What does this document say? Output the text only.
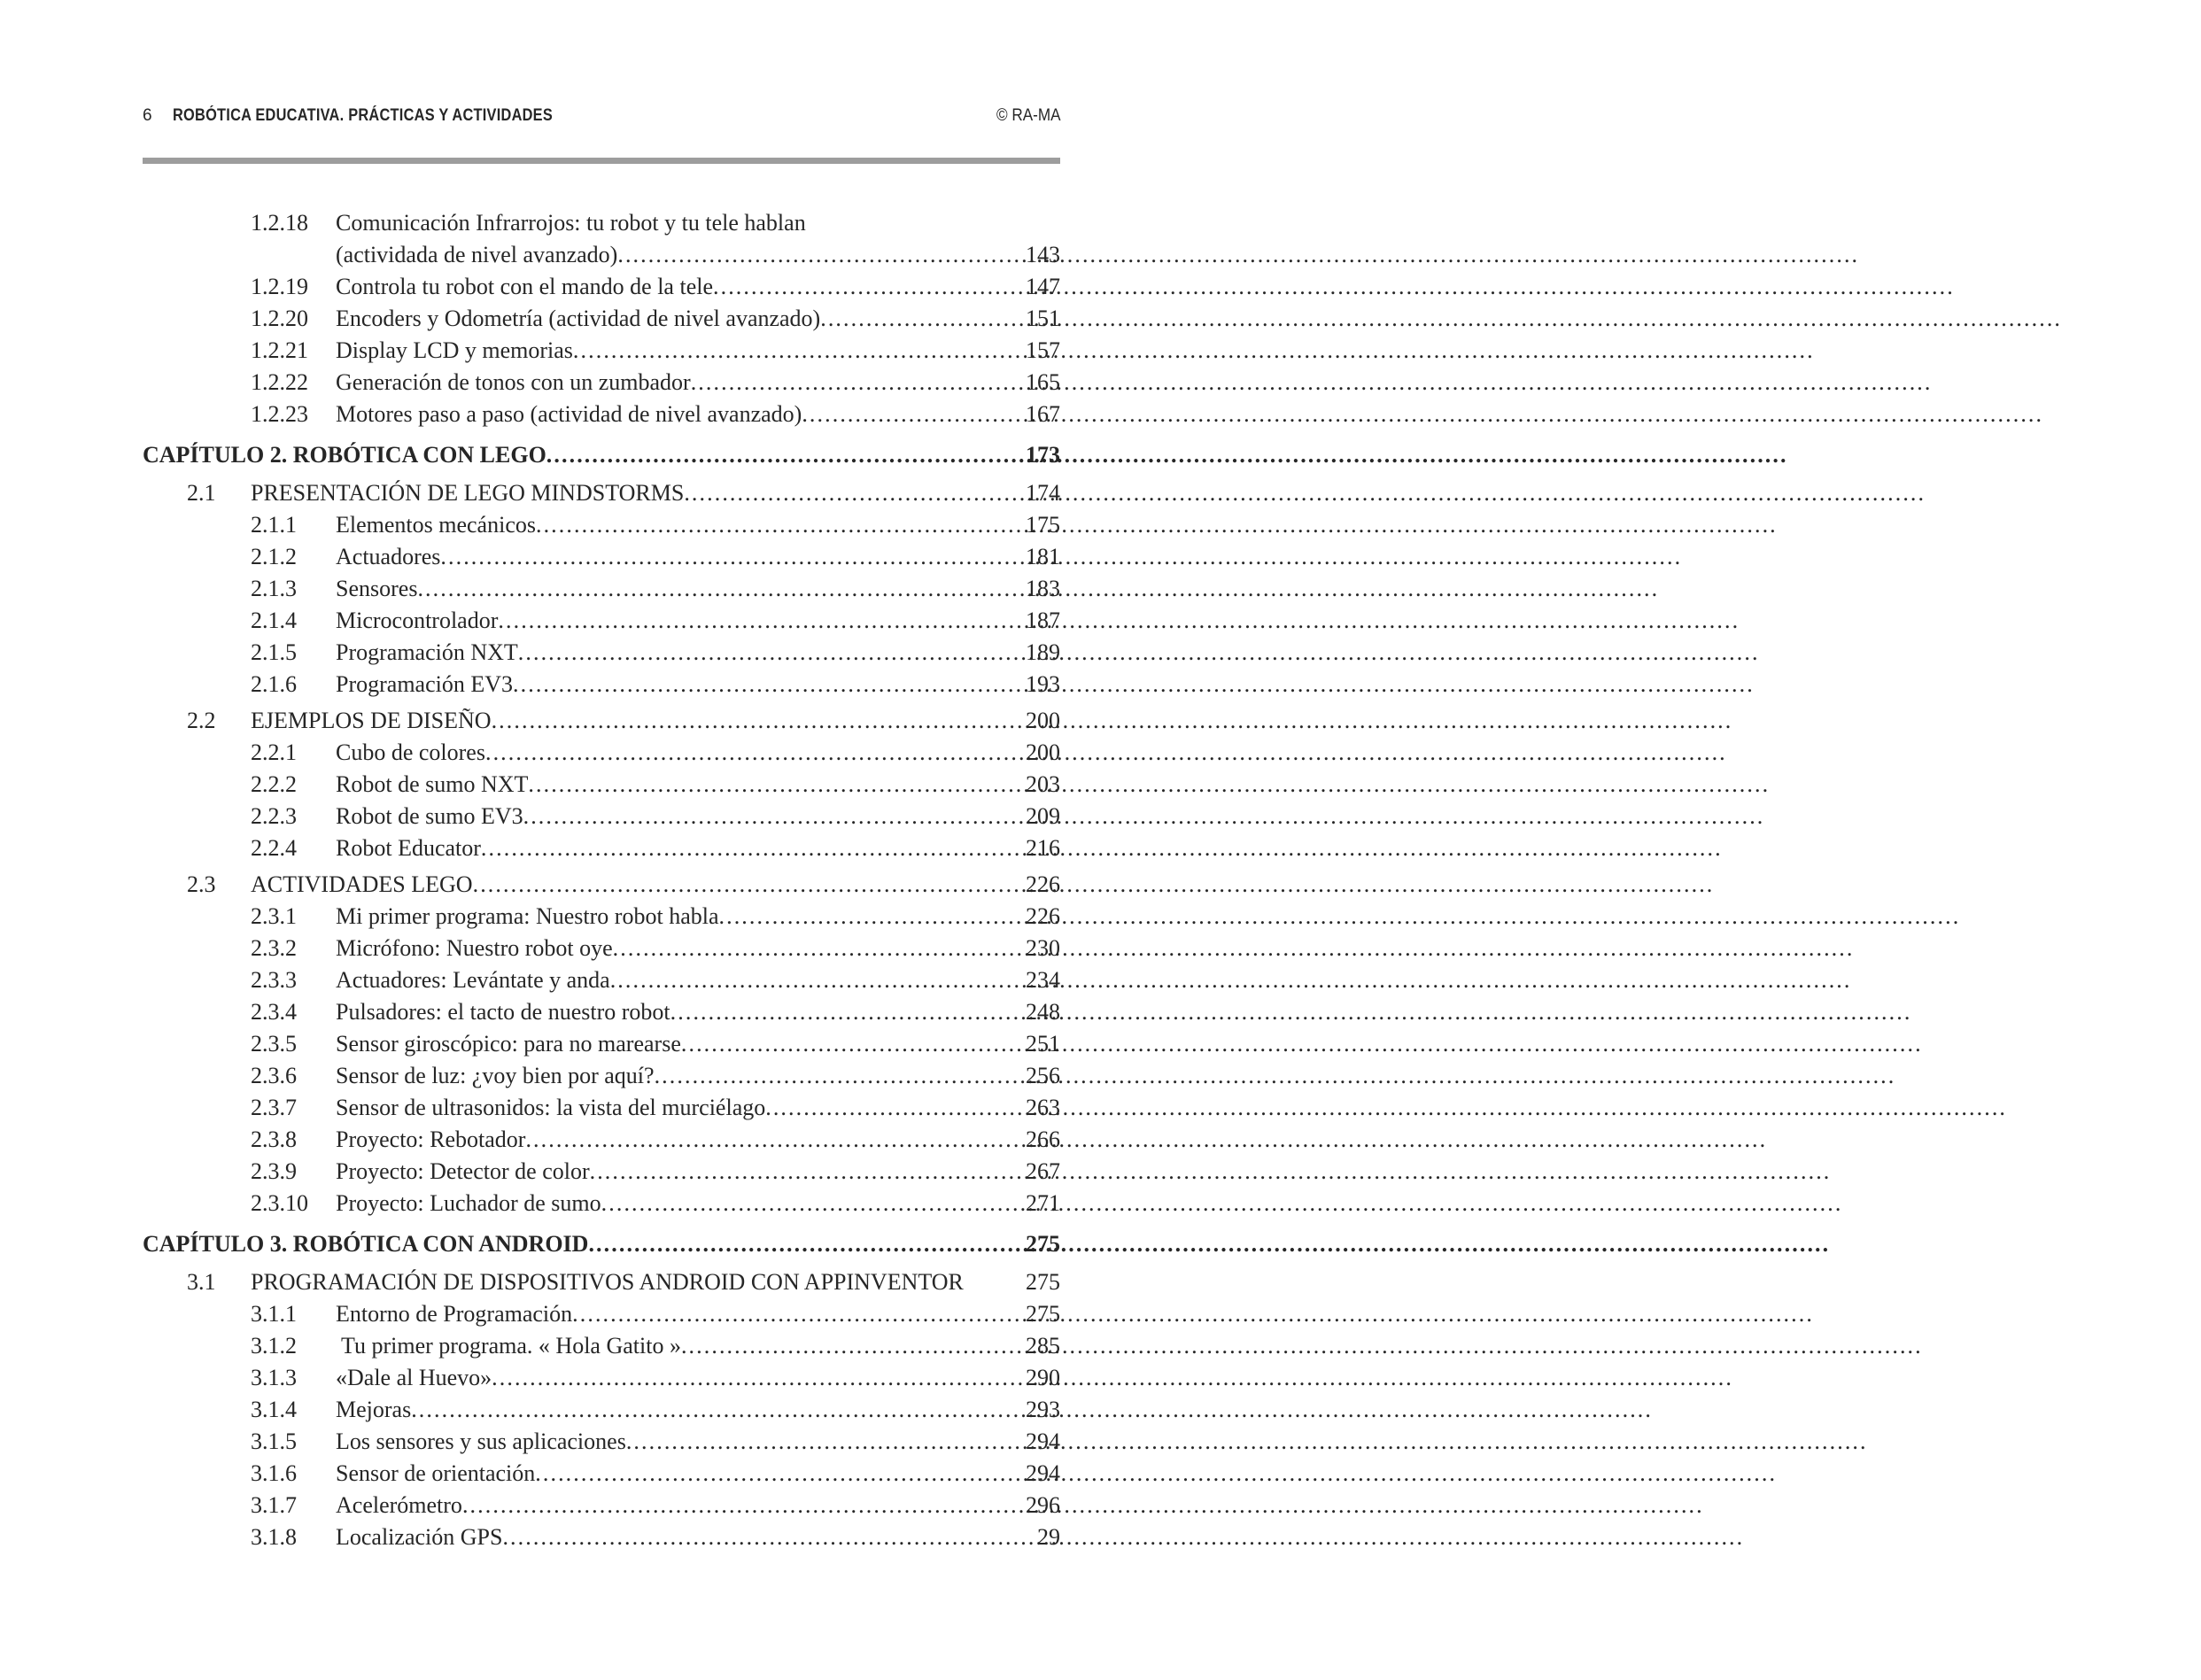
6 ROBÓTICA EDUCATIVA. PRÁCTICAS Y ACTIVIDADES	© RA-MA
1.2.18	Comunicación Infrarrojos: tu robot y tu tele hablan
(actividada de nivel avanzado) . . .	143
1.2.19	Controla tu robot con el mando de la tele . . .	147
1.2.20	Encoders y Odometría (actividad de nivel avanzado) . . .	151
1.2.21	Display LCD y memorias . . .	157
1.2.22	Generación de tonos con un zumbador . . .	165
1.2.23	Motores paso a paso (actividad de nivel avanzado) . . .	167
CAPÍTULO 2. ROBÓTICA CON LEGO . . .	173
2.1	PRESENTACIÓN DE LEGO MINDSTORMS . . .	174
2.1.1	Elementos mecánicos . . .	175
2.1.2	Actuadores . . .	181
2.1.3	Sensores . . .	183
2.1.4	Microcontrolador . . .	187
2.1.5	Programación NXT . . .	189
2.1.6	Programación EV3 . . .	193
2.2	EJEMPLOS DE DISEÑO . . .	200
2.2.1	Cubo de colores . . .	200
2.2.2	Robot de sumo NXT . . .	203
2.2.3	Robot de sumo EV3 . . .	209
2.2.4	Robot Educator . . .	216
2.3	ACTIVIDADES LEGO . . .	226
2.3.1	Mi primer programa: Nuestro robot habla . . .	226
2.3.2	Micrófono: Nuestro robot oye . . .	230
2.3.3	Actuadores: Levántate y anda . . .	234
2.3.4	Pulsadores: el tacto de nuestro robot . . .	248
2.3.5	Sensor giroscópico: para no marearse . . .	251
2.3.6	Sensor de luz: ¿voy bien por aquí? . . .	256
2.3.7	Sensor de ultrasonidos: la vista del murciélago . . .	263
2.3.8	Proyecto: Rebotador . . .	266
2.3.9	Proyecto: Detector de color . . .	267
2.3.10	Proyecto: Luchador de sumo . . .	271
CAPÍTULO 3. ROBÓTICA CON ANDROID . . .	275
3.1	PROGRAMACIÓN DE DISPOSITIVOS ANDROID CON APPINVENTOR	275
3.1.1	Entorno de Programación . . .	275
3.1.2	Tu primer programa. « Hola Gatito » . . .	285
3.1.3	«Dale al Huevo» . . .	290
3.1.4	Mejoras . . .	293
3.1.5	Los sensores y sus aplicaciones . . .	294
3.1.6	Sensor de orientación . . .	294
3.1.7	Acelerómetro . . .	296
3.1.8	Localización GPS . . .	29
